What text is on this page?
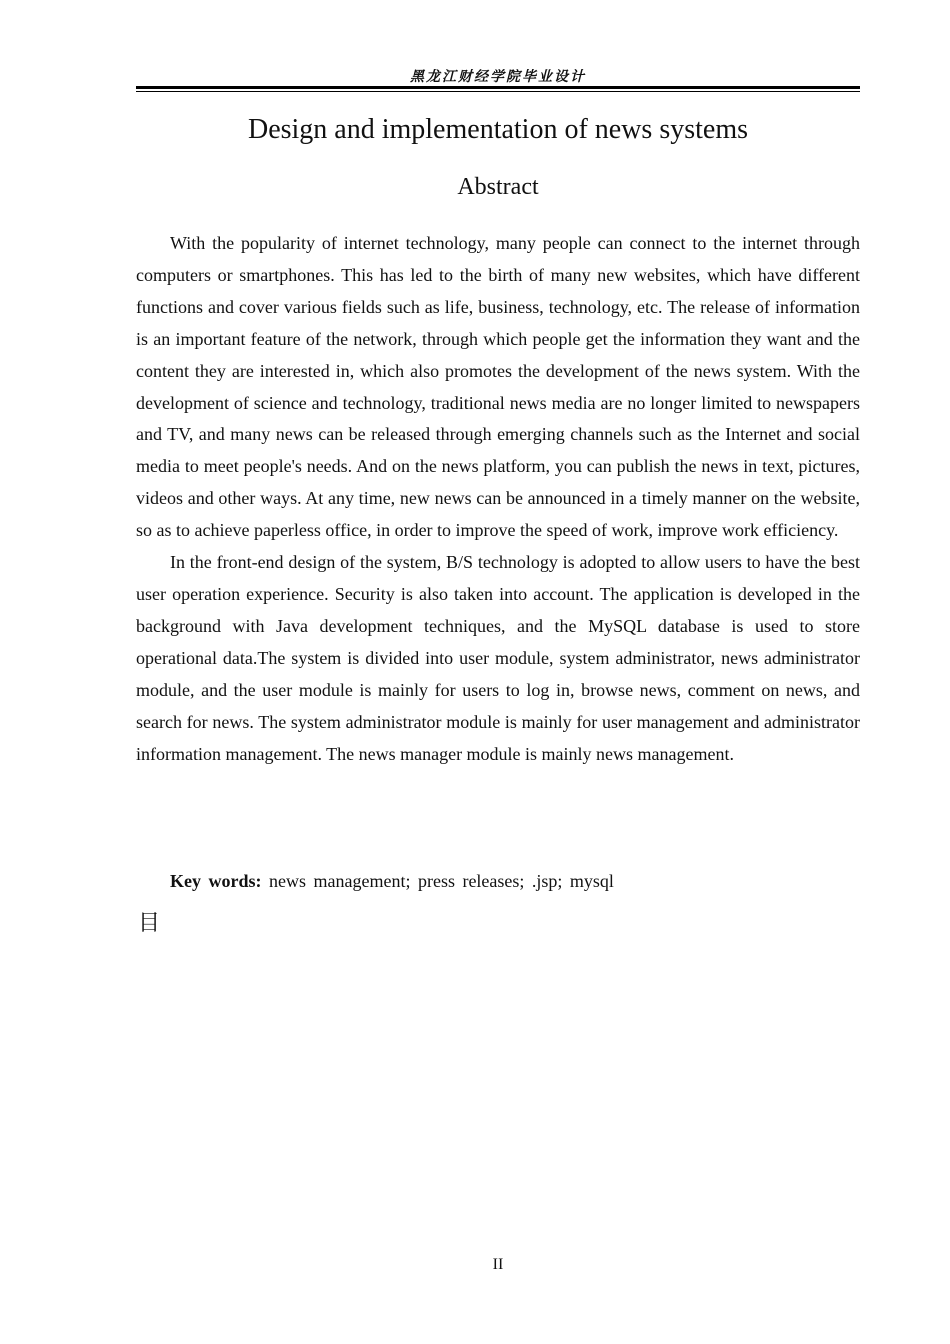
黑龙江财经学院毕业设计
Design and implementation of news systems
Abstract

With the popularity of internet technology, many people can connect to the internet through computers or smartphones. This has led to the birth of many new websites, which have different functions and cover various fields such as life, business, technology, etc. The release of information is an important feature of the network, through which people get the information they want and the content they are interested in, which also promotes the development of the news system. With the development of science and technology, traditional news media are no longer limited to newspapers and TV, and many news can be released through emerging channels such as the Internet and social media to meet people's needs. And on the news platform, you can publish the news in text, pictures, videos and other ways. At any time, new news can be announced in a timely manner on the website, so as to achieve paperless office, in order to improve the speed of work, improve work efficiency.

In the front-end design of the system, B/S technology is adopted to allow users to have the best user operation experience. Security is also taken into account. The application is developed in the background with Java development techniques, and the MySQL database is used to store operational data.The system is divided into user module, system administrator, news administrator module, and the user module is mainly for users to log in, browse news, comment on news, and search for news. The system administrator module is mainly for user management and administrator information management. The news manager module is mainly news management.

Key words: news management; press releases; .jsp; mysql
目
II
